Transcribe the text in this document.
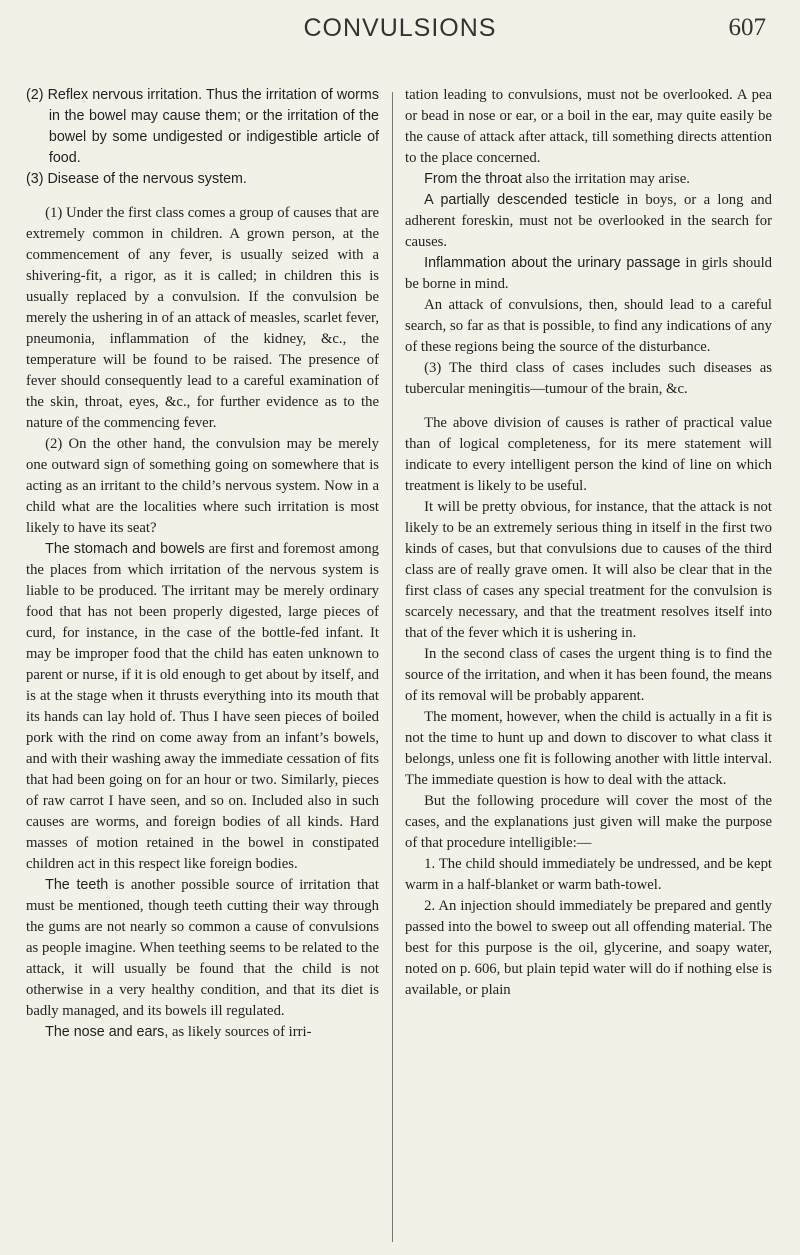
CONVULSIONS	607

(2) Reflex nervous irritation. Thus the irritation of worms in the bowel may cause them; or the irritation of the bowel by some undigested or indigestible article of food.

(3) Disease of the nervous system.

(1) Under the first class comes a group of causes that are extremely common in children. A grown person, at the commencement of any fever, is usually seized with a shivering-fit, a rigor, as it is called; in children this is usually replaced by a convulsion. If the convulsion be merely the ushering in of an attack of measles, scarlet fever, pneumonia, inflammation of the kidney, &c., the temperature will be found to be raised. The presence of fever should consequently lead to a careful examination of the skin, throat, eyes, &c., for further evidence as to the nature of the commencing fever.

(2) On the other hand, the convulsion may be merely one outward sign of something going on somewhere that is acting as an irritant to the child’s nervous system. Now in a child what are the localities where such irritation is most likely to have its seat?

The stomach and bowels are first and foremost among the places from which irritation of the nervous system is liable to be produced. The irritant may be merely ordinary food that has not been properly digested, large pieces of curd, for instance, in the case of the bottle-fed infant. It may be improper food that the child has eaten unknown to parent or nurse, if it is old enough to get about by itself, and is at the stage when it thrusts everything into its mouth that its hands can lay hold of. Thus I have seen pieces of boiled pork with the rind on come away from an infant’s bowels, and with their washing away the immediate cessation of fits that had been going on for an hour or two. Similarly, pieces of raw carrot I have seen, and so on. Included also in such causes are worms, and foreign bodies of all kinds. Hard masses of motion retained in the bowel in constipated children act in this respect like foreign bodies.

The teeth is another possible source of irritation that must be mentioned, though teeth cutting their way through the gums are not nearly so common a cause of convulsions as people imagine. When teething seems to be related to the attack, it will usually be found that the child is not otherwise in a very healthy condition, and that its diet is badly managed, and its bowels ill regulated.

The nose and ears, as likely sources of irri-

tation leading to convulsions, must not be overlooked. A pea or bead in nose or ear, or a boil in the ear, may quite easily be the cause of attack after attack, till something directs attention to the place concerned.

From the throat also the irritation may arise.

A partially descended testicle in boys, or a long and adherent foreskin, must not be overlooked in the search for causes.

Inflammation about the urinary passage in girls should be borne in mind.

An attack of convulsions, then, should lead to a careful search, so far as that is possible, to find any indications of any of these regions being the source of the disturbance.

(3) The third class of cases includes such diseases as tubercular meningitis—tumour of the brain, &c.

The above division of causes is rather of practical value than of logical completeness, for its mere statement will indicate to every intelligent person the kind of line on which treatment is likely to be useful.

It will be pretty obvious, for instance, that the attack is not likely to be an extremely serious thing in itself in the first two kinds of cases, but that convulsions due to causes of the third class are of really grave omen. It will also be clear that in the first class of cases any special treatment for the convulsion is scarcely necessary, and that the treatment resolves itself into that of the fever which it is ushering in.

In the second class of cases the urgent thing is to find the source of the irritation, and when it has been found, the means of its removal will be probably apparent.

The moment, however, when the child is actually in a fit is not the time to hunt up and down to discover to what class it belongs, unless one fit is following another with little interval. The immediate question is how to deal with the attack.

But the following procedure will cover the most of the cases, and the explanations just given will make the purpose of that procedure intelligible:—

1. The child should immediately be undressed, and be kept warm in a half-blanket or warm bath-towel.

2. An injection should immediately be prepared and gently passed into the bowel to sweep out all offending material. The best for this purpose is the oil, glycerine, and soapy water, noted on p. 606, but plain tepid water will do if nothing else is available, or plain
